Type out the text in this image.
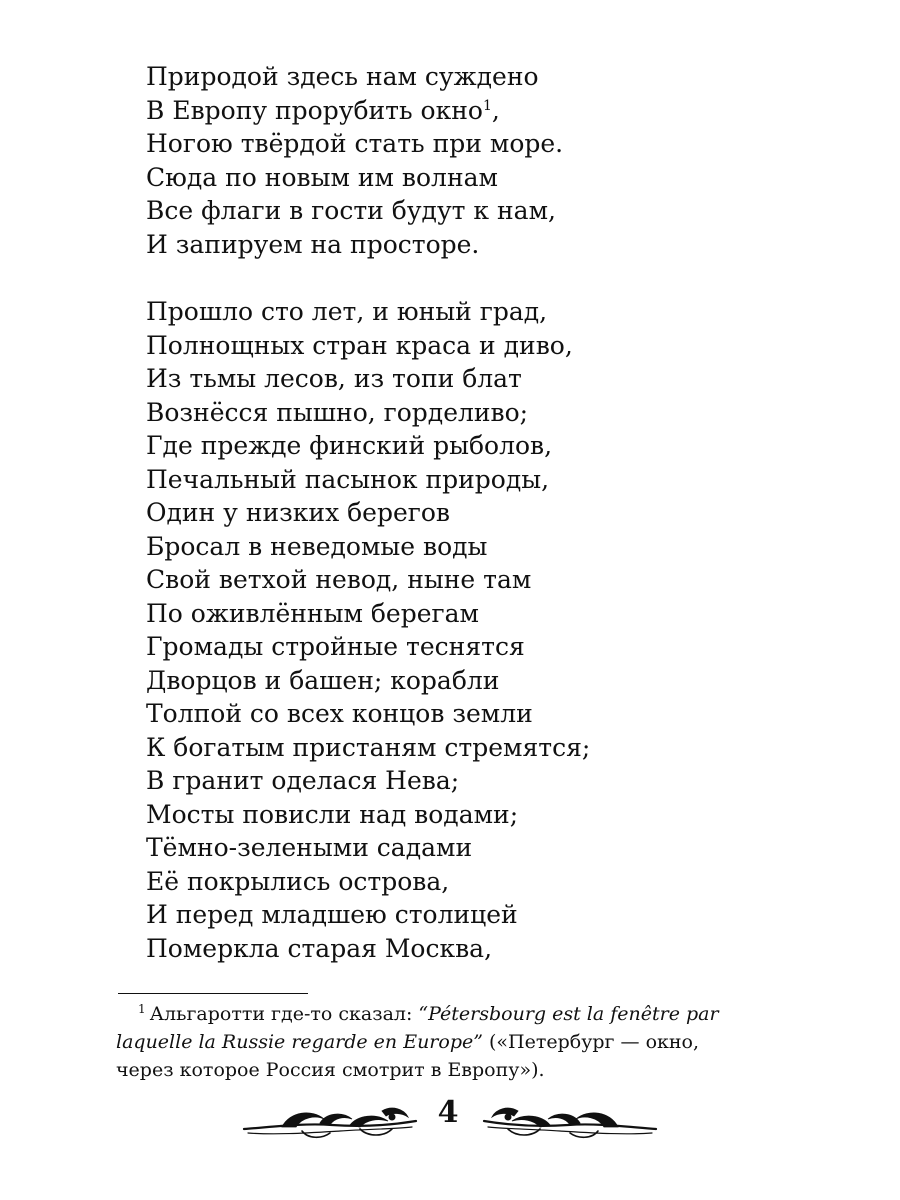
Природой здесь нам суждено
В Европу прорубить окно$^1$,
Ногою твёрдой стать при море.
Сюда по новым им волнам
Все флаги в гости будут к нам,
И запируем на просторе.
Прошло сто лет, и юный град,
Полнощных стран краса и диво,
Из тьмы лесов, из топи блат
Вознёсся пышно, горделиво;
Где прежде финский рыболов,
Печальный пасынок природы,
Один у низких берегов
Бросал в неведомые воды
Свой ветхой невод, ныне там
По оживлённым берегам
Громады стройные теснятся
Дворцов и башен; корабли
Толпой со всех концов земли
К богатым пристаням стремятся;
В гранит оделася Нева;
Мосты повисли над водами;
Тёмно-зелеными садами
Её покрылись острова,
И перед младшею столицей
Померкла старая Москва,
$^1$ Альгаротти где-то сказал: “Pétersbourg est la fenêtre par
laquelle la Russie regarde en Europe” («Петербург — окно,
через которое Россия смотрит в Европу»).
4
